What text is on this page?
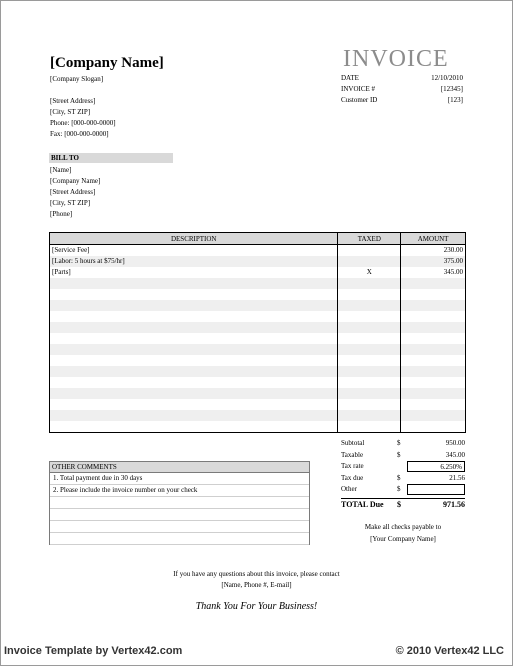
[Company Name]
[Company Slogan]
[Street Address]
[City, ST ZIP]
Phone: [000-000-0000]
Fax: [000-000-0000]
INVOICE
DATE	12/10/2010
INVOICE #	[12345]
Customer ID	[123]
BILL TO
[Name]
[Company Name]
[Street Address]
[City, ST ZIP]
[Phone]
DESCRIPTION	TAXED	AMOUNT
[Service Fee]		230.00
[Labor: 5 hours at $75/hr]		375.00
[Parts]	X	345.00

Subtotal	$	950.00
Taxable	$	345.00
Tax rate	6.250%
Tax due	$	21.56
Other	$
TOTAL Due	$	971.56
OTHER COMMENTS
1. Total payment due in 30 days
2. Please include the invoice number on your check
Make all checks payable to
[Your Company Name]
If you have any questions about this invoice, please contact
[Name, Phone #, E-mail]
Thank You For Your Business!
Invoice Template by Vertex42.com	© 2010 Vertex42 LLC
